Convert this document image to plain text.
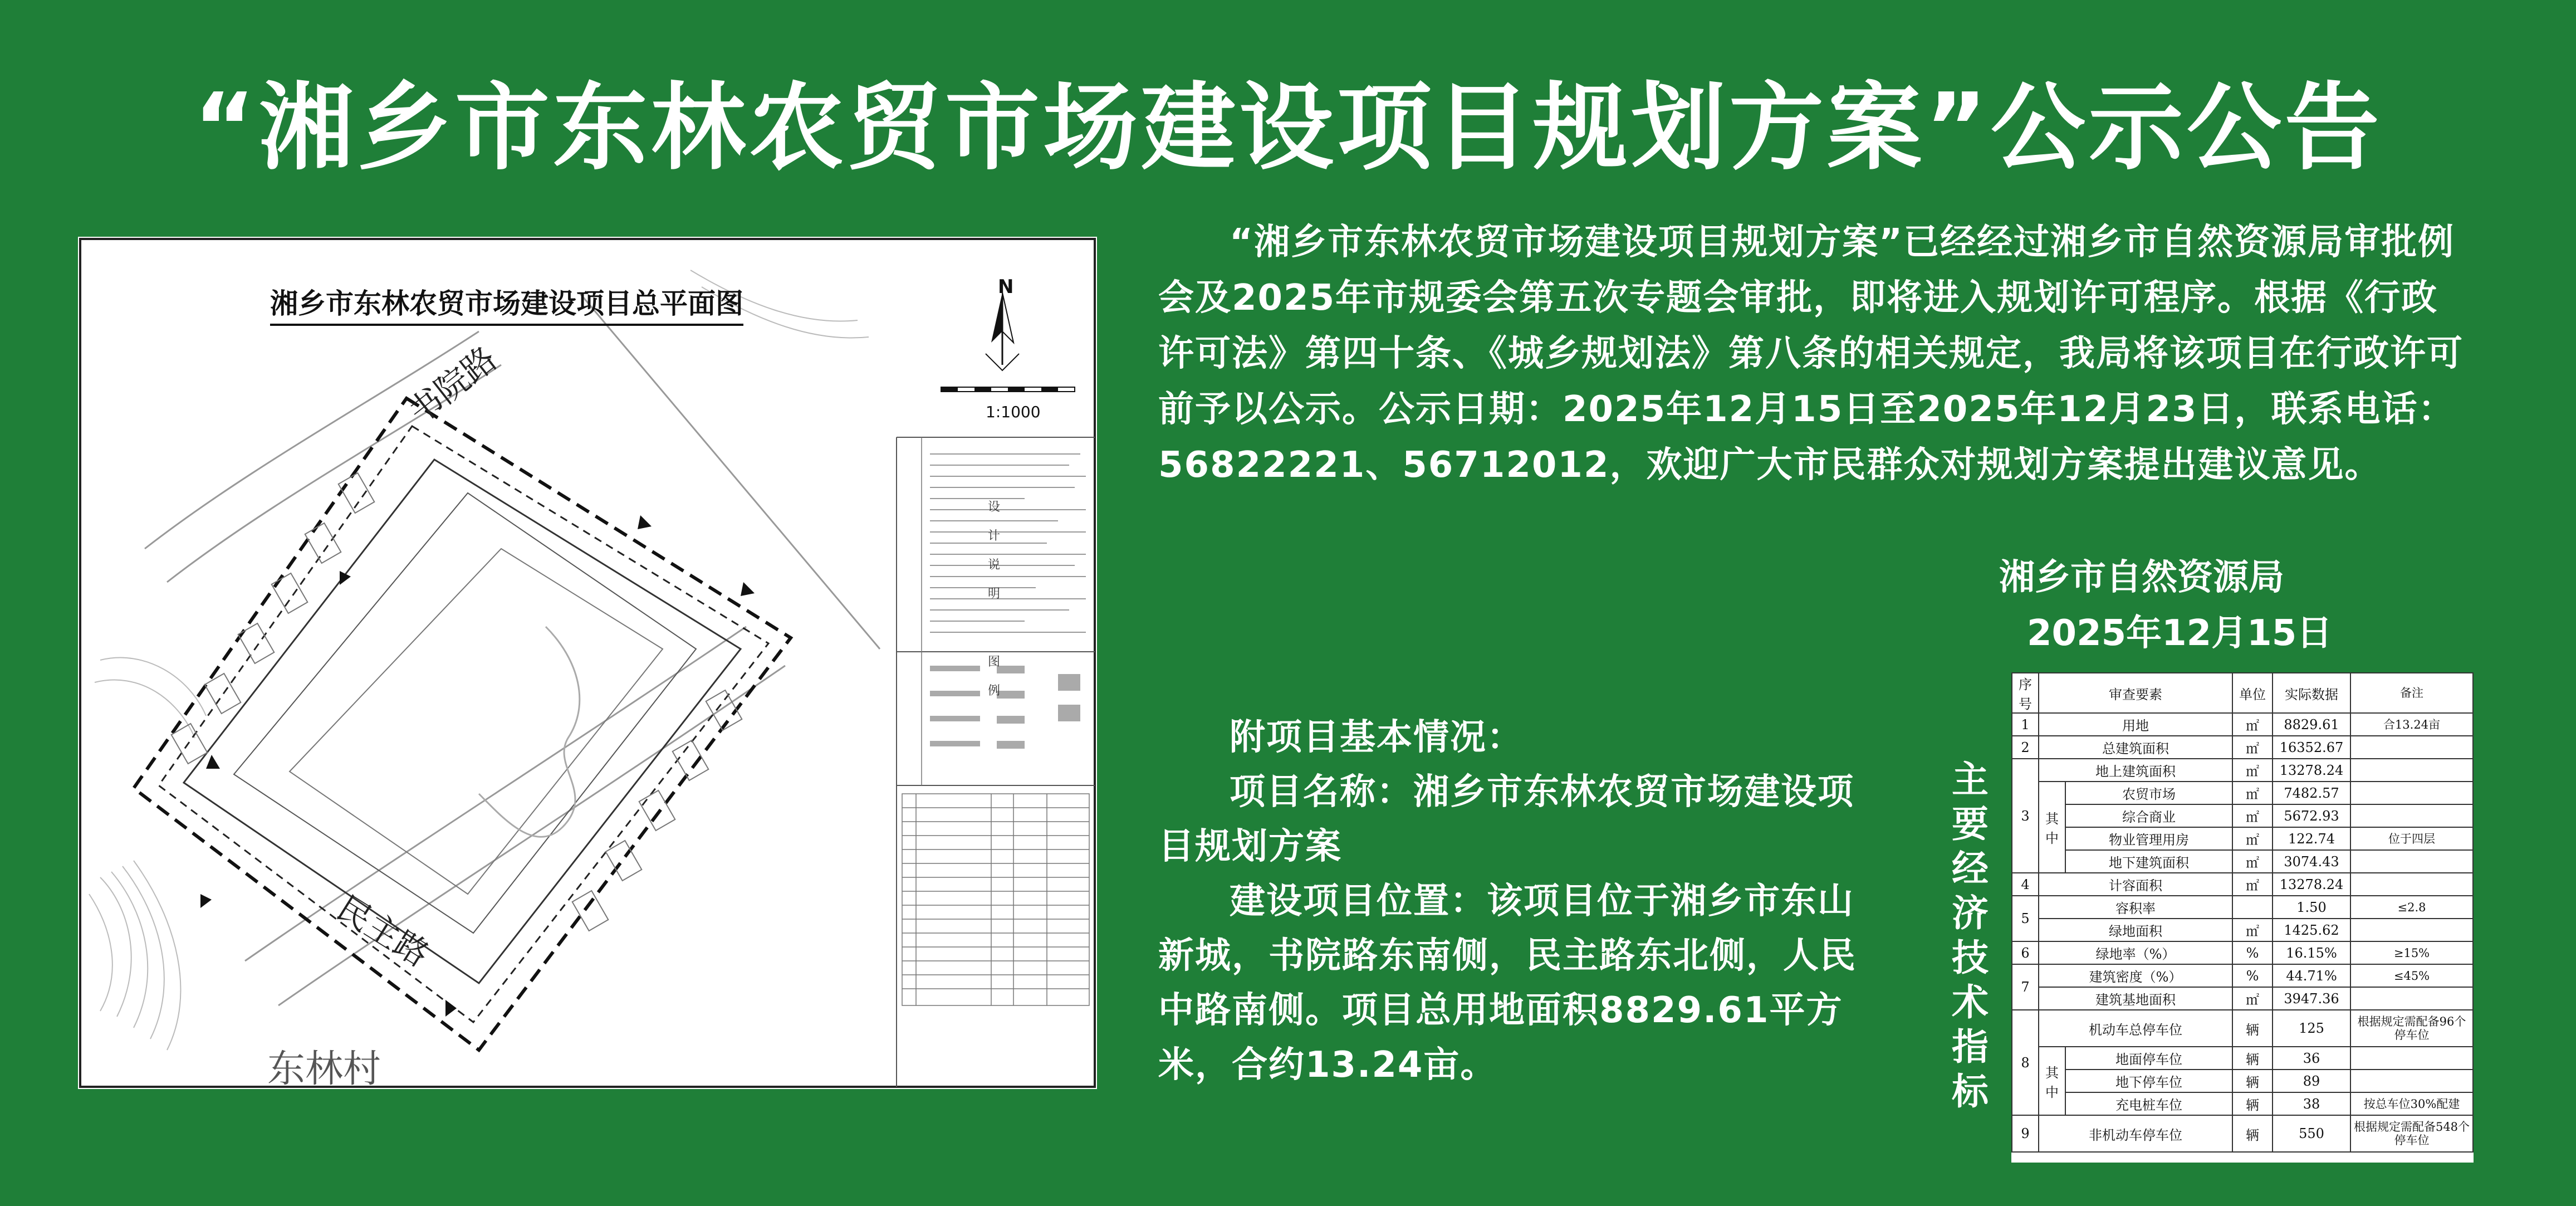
“湘乡市东林农贸市场建设项目规划方案”公示公告
湘乡市东林农贸市场建设项目总平面图
书院路
民主路
东林村
N
1:1000
设
计
说
明
图
例

“湘乡市东林农贸市场建设项目规划方案”已经经过湘乡市自然资源局审批例会及2025年市规委会第五次专题会审批，即将进入规划许可程序。根据《行政许可法》第四十条、《城乡规划法》第八条的相关规定，我局将该项目在行政许可前予以公示。公示日期：2025年12月15日至2025年12月23日，联系电话：56822221、56712012，欢迎广大市民群众对规划方案提出建议意见。

湘乡市自然资源局
2025年12月15日

附项目基本情况：

项目名称：湘乡市东林农贸市场建设项目规划方案

建设项目位置：该项目位于湘乡市东山新城，书院路东南侧，民主路东北侧，人民中路南侧。项目总用地面积8829.61平方米，合约13.24亩。

主要经济技术指标
序号	审查要素		单位	实际数据	备注
1	用地		㎡	8829.61	合13.24亩
2	总建筑面积		㎡	16352.67	
3	地上建筑面积		㎡	13278.24	
	其中	农贸市场	㎡	7482.57	
		综合商业	㎡	5672.93	
		物业管理用房	㎡	122.74	位于四层
		地下建筑面积	㎡	3074.43	
4	计容面积		㎡	13278.24	
5	容积率			1.50	≤2.8
	绿地面积		㎡	1425.62	
6	绿地率（%）		%	16.15%	≥15%
7	建筑密度（%）		%	44.71%	≤45%
	建筑基地面积		㎡	3947.36	
8	机动车总停车位		辆	125	根据规定需配备96个停车位
	其中	地面停车位	辆	36	
		地下停车位	辆	89	
		充电桩车位	辆	38	按总车位30%配建
9	非机动车停车位		辆	550	根据规定需配备548个停车位
